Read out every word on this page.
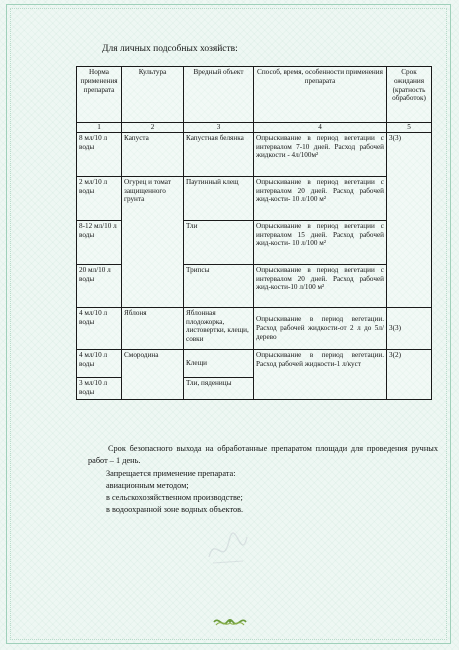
Для личных подсобных хозяйств:

Норма применения препарата	Культура	Вредный объект	Способ, время, особенности применения препарата	Срок ожидания (кратность обработок)
1	2	3	4	5
8 мл/10 л воды	Капуста	Капустная белянка	Опрыскивание в период вегетации с интервалом 7-10 дней. Расход рабочей жидкости - 4л/100м²	3(3)
2 мл/10 л воды	Огурец и томат защищенного грунта	Паутинный клещ	Опрыскивание в период вегетации с интервалом 20 дней. Расход рабочей жид-кости- 10 л/100 м²	
8-12 мл/10 л воды		Тли	Опрыскивание в период вегетации с интервалом 15 дней. Расход рабочей жид-кости- 10 л/100 м²	
20 мл/10 л воды		Трипсы	Опрыскивание в период вегетации с интервалом 20 дней. Расход рабочей жид-кости-10 л/100 м²	
4 мл/10 л воды	Яблоня	Яблонная плодожорка, листовертки, клещи, совки	Опрыскивание в период вегетации. Расход рабочей жидкости-от 2 л до 5л/дерево	3(3)
4 мл/10 л воды	Смородина	Клещи	Опрыскивание в период вегетации. Расход рабочей жидкости-1 л/куст	3(2)
3 мл/10 л воды		Тли, пяденицы		

Срок безопасного выхода на обработанные препаратом площади для проведения ручных работ – 1 день.

Запрещается применение препарата:

авиационным методом;

в сельскохозяйственном производстве;

в водоохранной зоне водных объектов.
